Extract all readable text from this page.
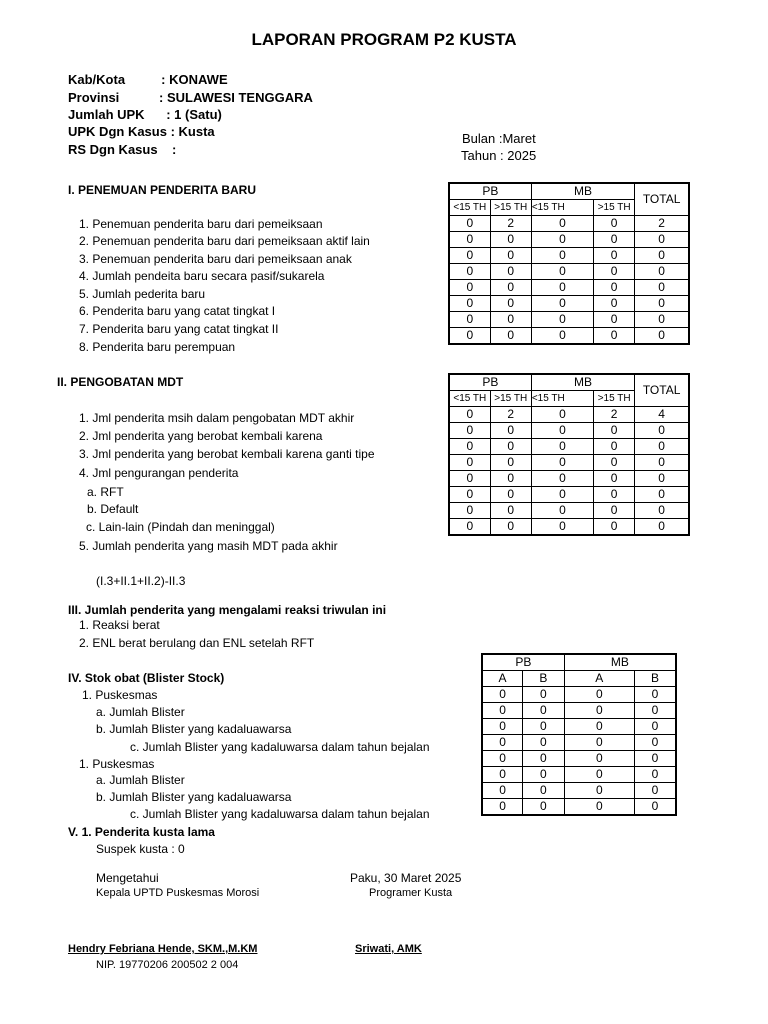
LAPORAN PROGRAM P2 KUSTA
Kab/Kota          : KONAWE
Provinsi           : SULAWESI TENGGARA
Jumlah UPK      : 1 (Satu)
UPK Dgn Kasus : Kusta
RS Dgn Kasus    :
Bulan :Maret
Tahun : 2025
I. PENEMUAN PENDERITA BARU
1. Penemuan penderita baru dari pemeiksaan
2. Penemuan penderita baru dari pemeiksaan aktif lain
3. Penemuan penderita baru dari pemeiksaan anak
4. Jumlah pendeita baru secara pasif/sukarela
5. Jumlah pederita baru
6. Penderita baru yang catat tingkat I
7. Penderita baru yang catat tingkat II
8. Penderita baru perempuan
PB		MB		TOTAL
<15 TH	>15 TH	<15 TH	>15 TH	
0	2	0	0	2
0	0	0	0	0
0	0	0	0	0
0	0	0	0	0
0	0	0	0	0
0	0	0	0	0
0	0	0	0	0
0	0	0	0	0
II. PENGOBATAN MDT
1. Jml penderita msih dalam pengobatan MDT akhir
2. Jml penderita yang berobat kembali karena
3. Jml penderita yang berobat kembali karena ganti tipe
4. Jml pengurangan penderita
a. RFT
b. Default
c. Lain-lain (Pindah dan meninggal)
5. Jumlah penderita yang masih MDT pada akhir
(I.3+II.1+II.2)-II.3
PB		MB		TOTAL
<15 TH	>15 TH	<15 TH	>15 TH	
0	2	0	2	4
0	0	0	0	0
0	0	0	0	0
0	0	0	0	0
0	0	0	0	0
0	0	0	0	0
0	0	0	0	0
0	0	0	0	0
III. Jumlah penderita yang mengalami reaksi triwulan ini
1. Reaksi berat
2. ENL berat berulang dan ENL setelah RFT
IV. Stok obat (Blister Stock)
1. Puskesmas
a. Jumlah Blister
b. Jumlah Blister yang kadaluawarsa
c. Jumlah Blister yang kadaluwarsa dalam tahun bejalan
1. Puskesmas
a. Jumlah Blister
b. Jumlah Blister yang kadaluawarsa
c. Jumlah Blister yang kadaluwarsa dalam tahun bejalan
PB		MB	
A	B	A	B
0	0	0	0
0	0	0	0
0	0	0	0
0	0	0	0
0	0	0	0
0	0	0	0
0	0	0	0
0	0	0	0
V. 1. Penderita kusta lama
Suspek kusta : 0
Mengetahui
Kepala UPTD Puskesmas Morosi
Paku, 30 Maret 2025
Programer Kusta
Hendry Febriana Hende, SKM.,M.KM
NIP. 19770206 200502 2 004
Sriwati, AMK
